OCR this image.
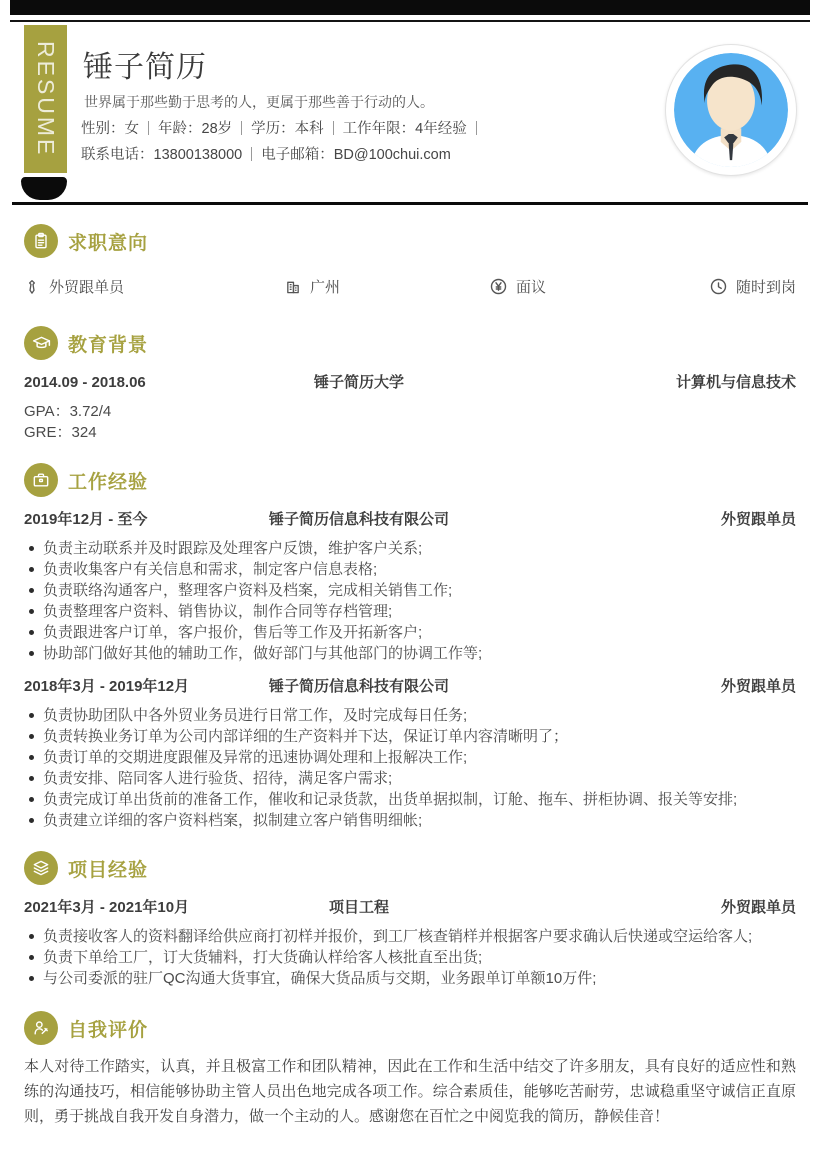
RESUME 锤子简历
世界属于那些勤于思考的人，更属于那些善于行动的人。
性别：女 年龄：28岁 学历：本科 工作年限：4年经验
联系电话：13800138000 电子邮箱：BD@100chui.com
求职意向
外贸跟单员	广州	面议	随时到岗
教育背景
2014.09 - 2018.06	锤子简历大学	计算机与信息技术
GPA：3.72/4
GRE：324
工作经验
2019年12月 - 至今	锤子简历信息科技有限公司	外贸跟单员
负责主动联系并及时跟踪及处理客户反馈，维护客户关系;
负责收集客户有关信息和需求，制定客户信息表格;
负责联络沟通客户，整理客户资料及档案，完成相关销售工作;
负责整理客户资料、销售协议，制作合同等存档管理;
负责跟进客户订单，客户报价，售后等工作及开拓新客户;
协助部门做好其他的辅助工作，做好部门与其他部门的协调工作等;
2018年3月 - 2019年12月	锤子简历信息科技有限公司	外贸跟单员
负责协助团队中各外贸业务员进行日常工作，及时完成每日任务;
负责转换业务订单为公司内部详细的生产资料并下达，保证订单内容清晰明了；
负责订单的交期进度跟催及异常的迅速协调处理和上报解决工作;
负责安排、陪同客人进行验货、招待，满足客户需求;
负责完成订单出货前的准备工作，催收和记录货款，出货单据拟制，订舱、拖车、拼柜协调、报关等安排;
负责建立详细的客户资料档案，拟制建立客户销售明细帐;
项目经验
2021年3月 - 2021年10月	项目工程	外贸跟单员
负责接收客人的资料翻译给供应商打初样并报价，到工厂核查销样并根据客户要求确认后快递或空运给客人;
负责下单给工厂，订大货辅料，打大货确认样给客人核批直至出货;
与公司委派的驻厂QC沟通大货事宜，确保大货品质与交期，业务跟单订单额10万件;
自我评价
本人对待工作踏实，认真，并且极富工作和团队精神，因此在工作和生活中结交了许多朋友，具有良好的适应性和熟练的沟通技巧，相信能够协助主管人员出色地完成各项工作。综合素质佳，能够吃苦耐劳，忠诚稳重坚守诚信正直原则，勇于挑战自我开发自身潜力，做一个主动的人。感谢您在百忙之中阅览我的简历，静候佳音！
